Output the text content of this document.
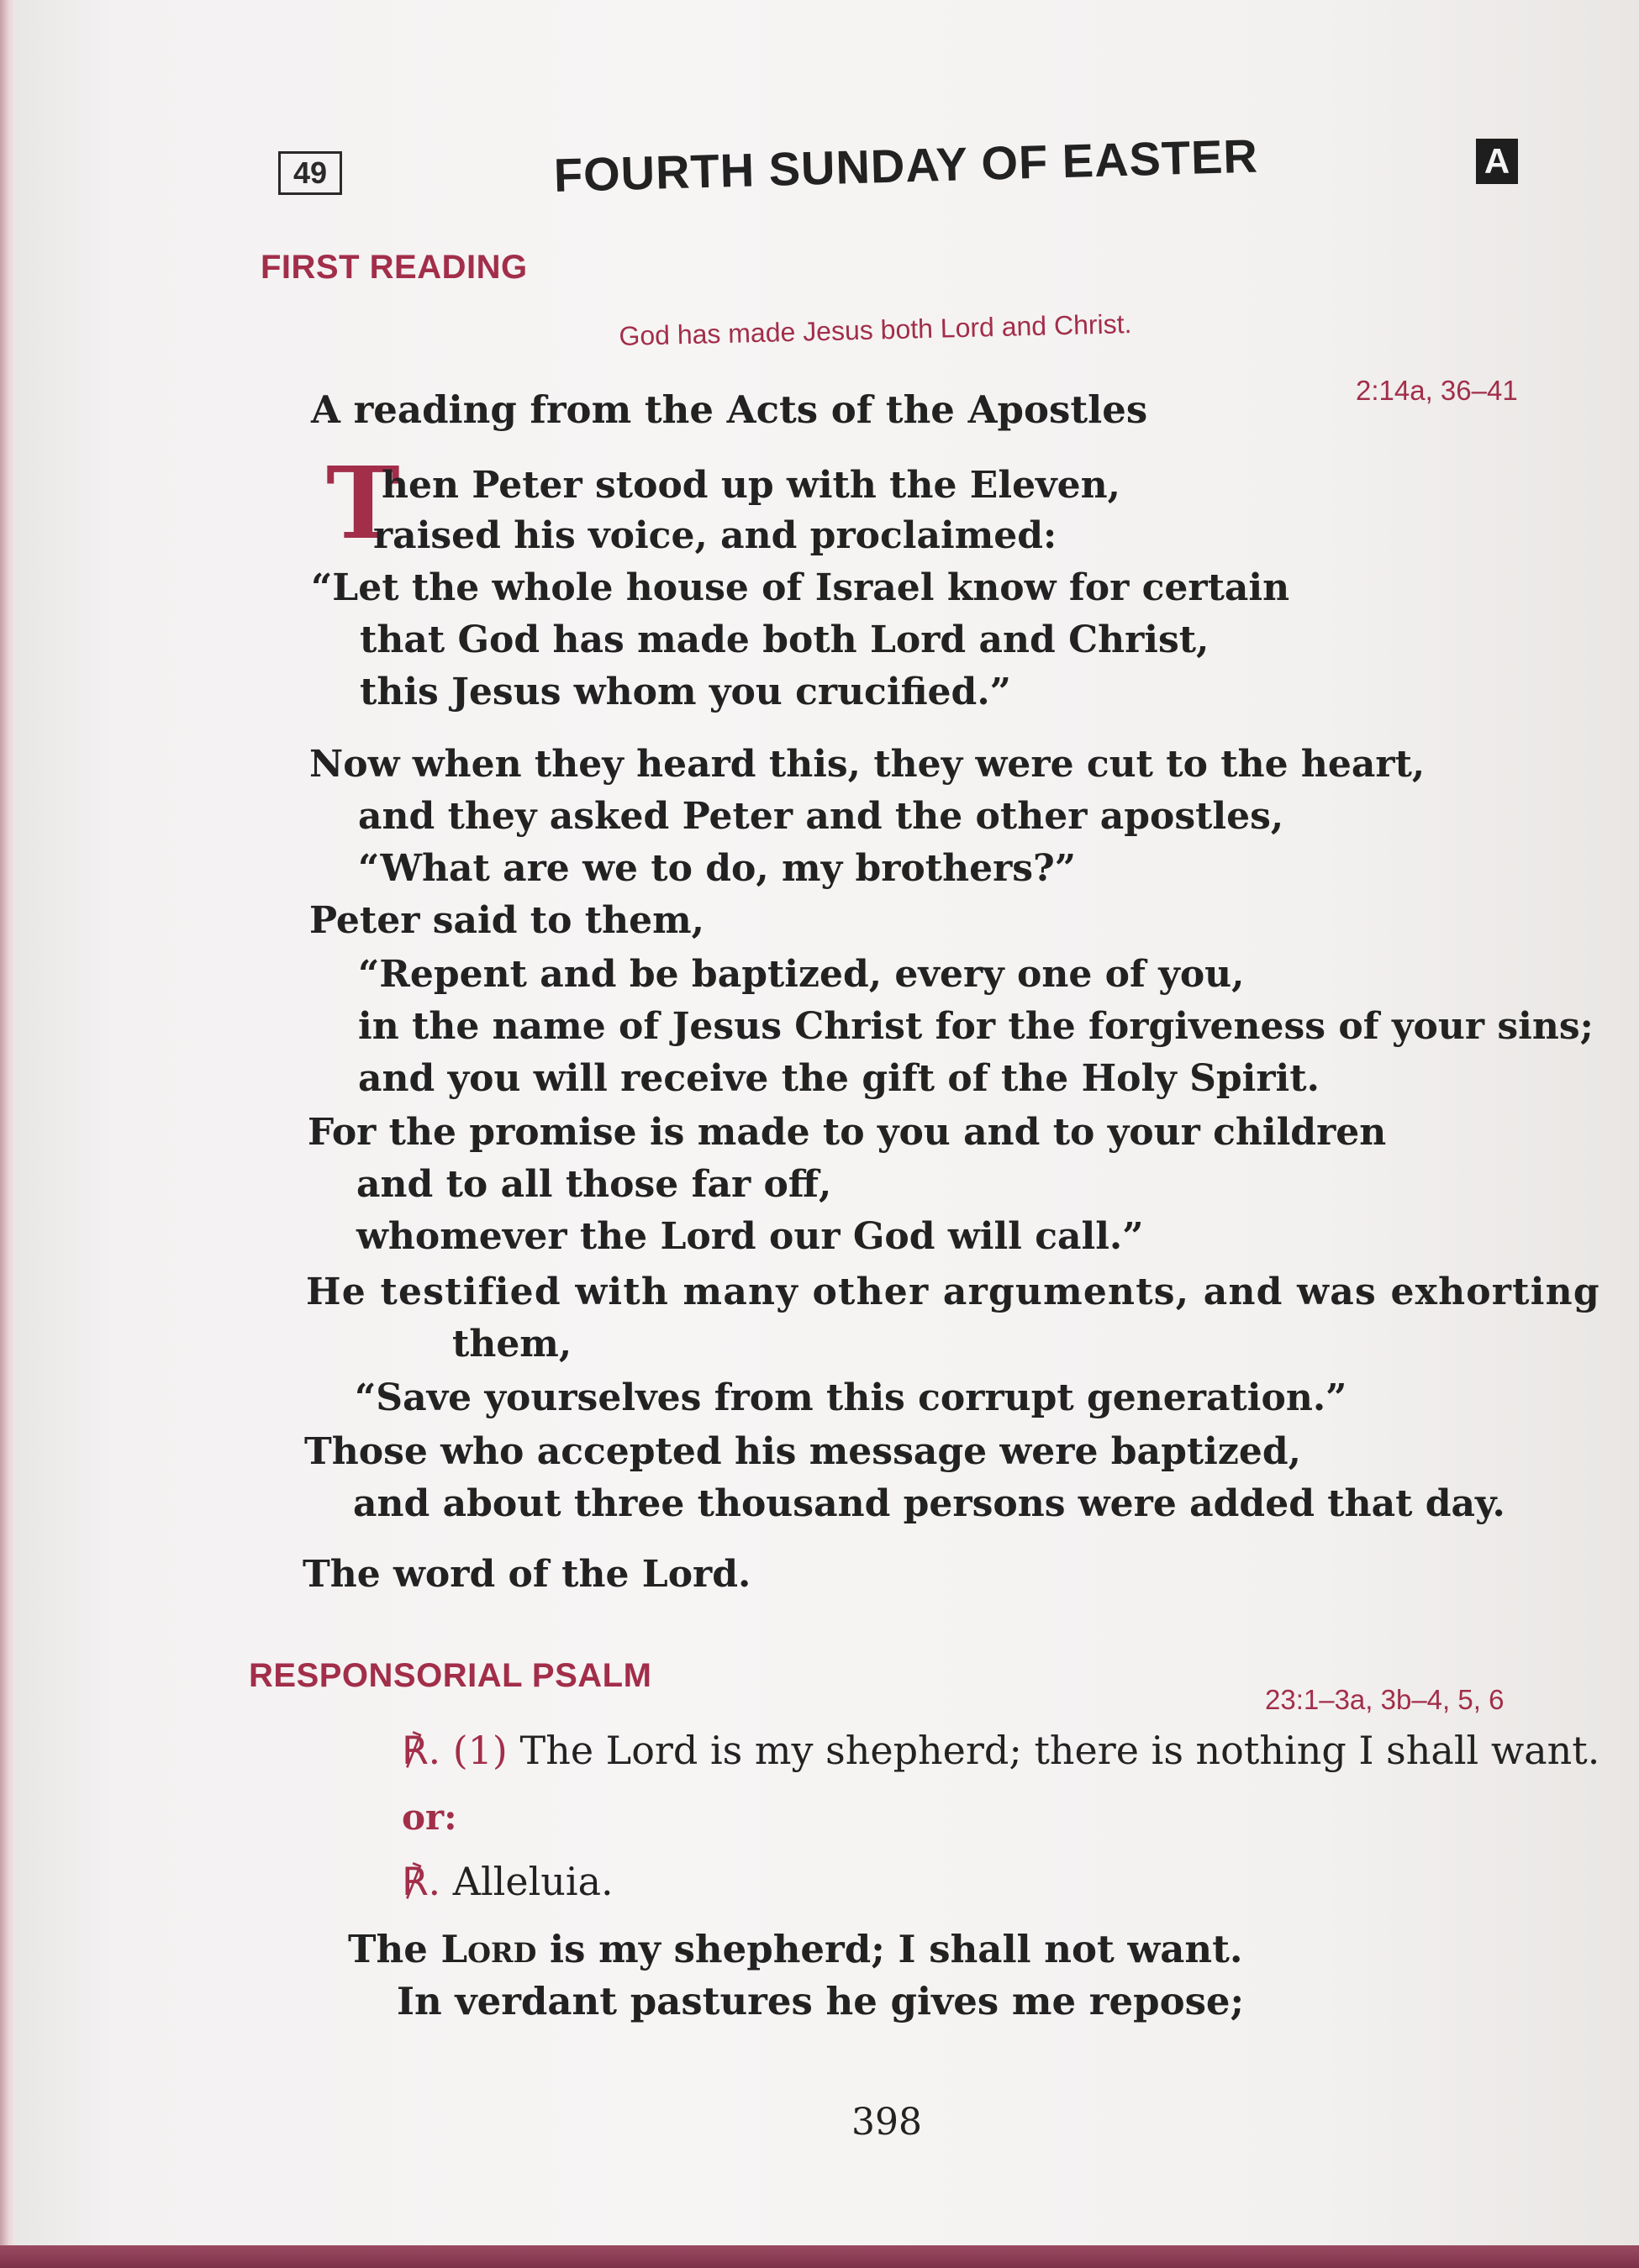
49	FOURTH SUNDAY OF EASTER	A
FIRST READING
God has made Jesus both Lord and Christ.
2:14a, 36–41
A reading from the Acts of the Apostles
T
hen Peter stood up with the Eleven,
raised his voice, and proclaimed:
“Let the whole house of Israel know for certain
that God has made both Lord and Christ,
this Jesus whom you crucified.”
Now when they heard this, they were cut to the heart,
and they asked Peter and the other apostles,
“What are we to do, my brothers?”
Peter said to them,
“Repent and be baptized, every one of you,
in the name of Jesus Christ for the forgiveness of your sins;
and you will receive the gift of the Holy Spirit.
For the promise is made to you and to your children
and to all those far off,
whomever the Lord our God will call.”
He testified with many other arguments, and was exhorting
them,
“Save yourselves from this corrupt generation.”
Those who accepted his message were baptized,
and about three thousand persons were added that day.
The word of the Lord.
RESPONSORIAL PSALM
23:1–3a, 3b–4, 5, 6
℟. (1) The Lord is my shepherd; there is nothing I shall want.
or:
℟. Alleluia.
The Lord is my shepherd; I shall not want.
In verdant pastures he gives me repose;
398
